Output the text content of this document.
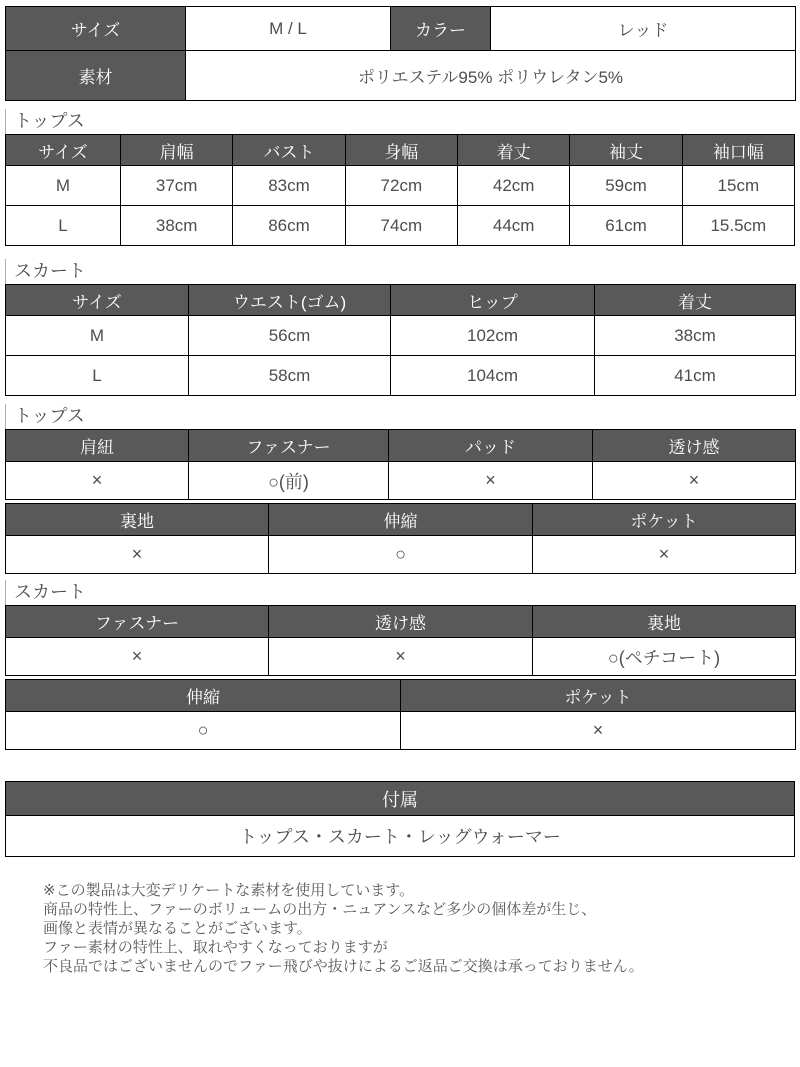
サイズ	M / L	カラー	レッド
素材	ポリエステル95% ポリウレタン5%		
トップス
サイズ	肩幅	バスト	身幅	着丈	袖丈	袖口幅
M	37cm	83cm	72cm	42cm	59cm	15cm
L	38cm	86cm	74cm	44cm	61cm	15.5cm
スカート
サイズ	ウエスト(ゴム)	ヒップ	着丈
M	56cm	102cm	38cm
L	58cm	104cm	41cm
トップス
肩紐	ファスナー	パッド	透け感
×	○(前)	×	×
裏地	伸縮	ポケット
×	○	×
スカート
ファスナー	透け感	裏地
×	×	○(ペチコート)
伸縮	ポケット
○	×
付属
トップス・スカート・レッグウォーマー
※この製品は大変デリケートな素材を使用しています。
商品の特性上、ファーのボリュームの出方・ニュアンスなど多少の個体差が生じ、
画像と表情が異なることがございます。
ファー素材の特性上、取れやすくなっておりますが
不良品ではございませんのでファー飛びや抜けによるご返品ご交換は承っておりません。
